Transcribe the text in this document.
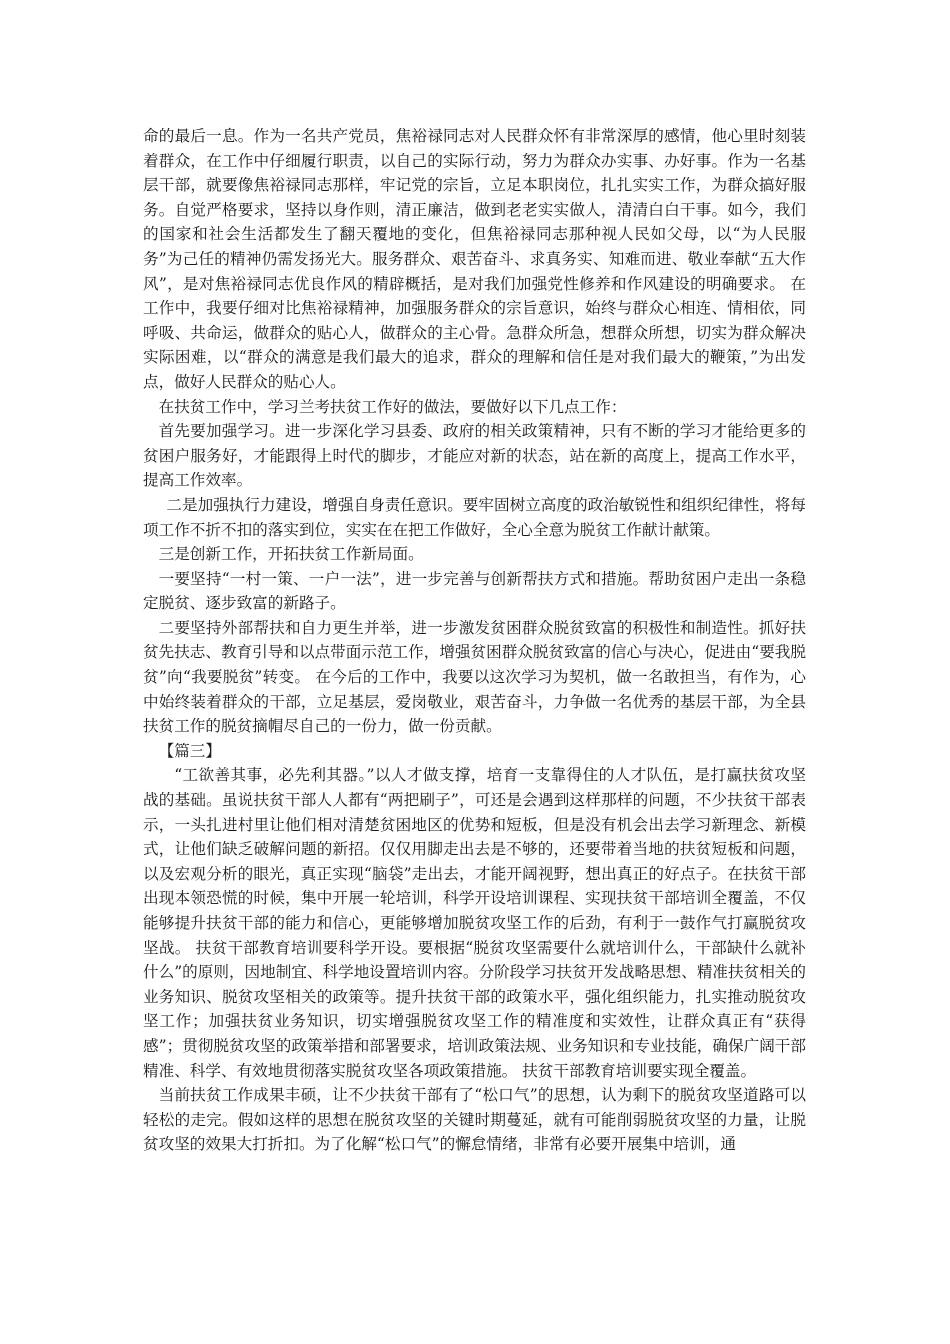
命的最后一息。作为一名共产党员，焦裕禄同志对人民群众怀有非常深厚的感情，他心里时刻装着群众，在工作中仔细履行职责，以自己的实际行动，努力为群众办实事、办好事。作为一名基层干部，就要像焦裕禄同志那样，牢记党的宗旨，立足本职岗位，扎扎实实工作，为群众搞好服务。自觉严格要求，坚持以身作则，清正廉洁，做到老老实实做人，清清白白干事。如今，我们的国家和社会生活都发生了翻天覆地的变化，但焦裕禄同志那种视人民如父母，以“为人民服务”为己任的精神仍需发扬光大。服务群众、艰苦奋斗、求真务实、知难而进、敬业奉献“五大作风”，是对焦裕禄同志优良作风的精辟概括，是对我们加强党性修养和作风建设的明确要求。 在工作中，我要仔细对比焦裕禄精神，加强服务群众的宗旨意识，始终与群众心相连、情相依，同呼吸、共命运，做群众的贴心人，做群众的主心骨。急群众所急，想群众所想，切实为群众解决实际困难，以“群众的满意是我们最大的追求，群众的理解和信任是对我们最大的鞭策，”为出发点，做好人民群众的贴心人。

在扶贫工作中，学习兰考扶贫工作好的做法，要做好以下几点工作：

首先要加强学习。进一步深化学习县委、政府的相关政策精神，只有不断的学习才能给更多的贫困户服务好，才能跟得上时代的脚步，才能应对新的状态，站在新的高度上，提高工作水平，提高工作效率。

二是加强执行力建设，增强自身责任意识。要牢固树立高度的政治敏锐性和组织纪律性，将每项工作不折不扣的落实到位，实实在在把工作做好，全心全意为脱贫工作献计献策。

三是创新工作，开拓扶贫工作新局面。

一要坚持“一村一策、一户一法”，进一步完善与创新帮扶方式和措施。帮助贫困户走出一条稳定脱贫、逐步致富的新路子。

二要坚持外部帮扶和自力更生并举，进一步激发贫困群众脱贫致富的积极性和制造性。抓好扶贫先扶志、教育引导和以点带面示范工作，增强贫困群众脱贫致富的信心与决心，促进由“要我脱贫”向“我要脱贫”转变。 在今后的工作中，我要以这次学习为契机，做一名敢担当，有作为，心中始终装着群众的干部，立足基层，爱岗敬业，艰苦奋斗，力争做一名优秀的基层干部，为全县扶贫工作的脱贫摘帽尽自己的一份力，做一份贡献。

【篇三】

“工欲善其事，必先利其器。”以人才做支撑，培育一支靠得住的人才队伍，是打赢扶贫攻坚战的基础。虽说扶贫干部人人都有“两把刷子”，可还是会遇到这样那样的问题，不少扶贫干部表示，一头扎进村里让他们相对清楚贫困地区的优势和短板，但是没有机会出去学习新理念、新模式，让他们缺乏破解问题的新招。仅仅用脚走出去是不够的，还要带着当地的扶贫短板和问题，以及宏观分析的眼光，真正实现“脑袋”走出去，才能开阔视野，想出真正的好点子。在扶贫干部出现本领恐慌的时候，集中开展一轮培训，科学开设培训课程、实现扶贫干部培训全覆盖，不仅能够提升扶贫干部的能力和信心，更能够增加脱贫攻坚工作的后劲，有利于一鼓作气打赢脱贫攻坚战。 扶贫干部教育培训要科学开设。要根据“脱贫攻坚需要什么就培训什么，干部缺什么就补什么”的原则，因地制宜、科学地设置培训内容。分阶段学习扶贫开发战略思想、精准扶贫相关的业务知识、脱贫攻坚相关的政策等。提升扶贫干部的政策水平，强化组织能力，扎实推动脱贫攻坚工作；加强扶贫业务知识，切实增强脱贫攻坚工作的精准度和实效性，让群众真正有“获得感”；贯彻脱贫攻坚的政策举措和部署要求，培训政策法规、业务知识和专业技能，确保广阔干部精准、科学、有效地贯彻落实脱贫攻坚各项政策措施。 扶贫干部教育培训要实现全覆盖。

当前扶贫工作成果丰硕，让不少扶贫干部有了“松口气”的思想，认为剩下的脱贫攻坚道路可以轻松的走完。假如这样的思想在脱贫攻坚的关键时期蔓延，就有可能削弱脱贫攻坚的力量，让脱贫攻坚的效果大打折扣。为了化解“松口气”的懈怠情绪，非常有必要开展集中培训，通
